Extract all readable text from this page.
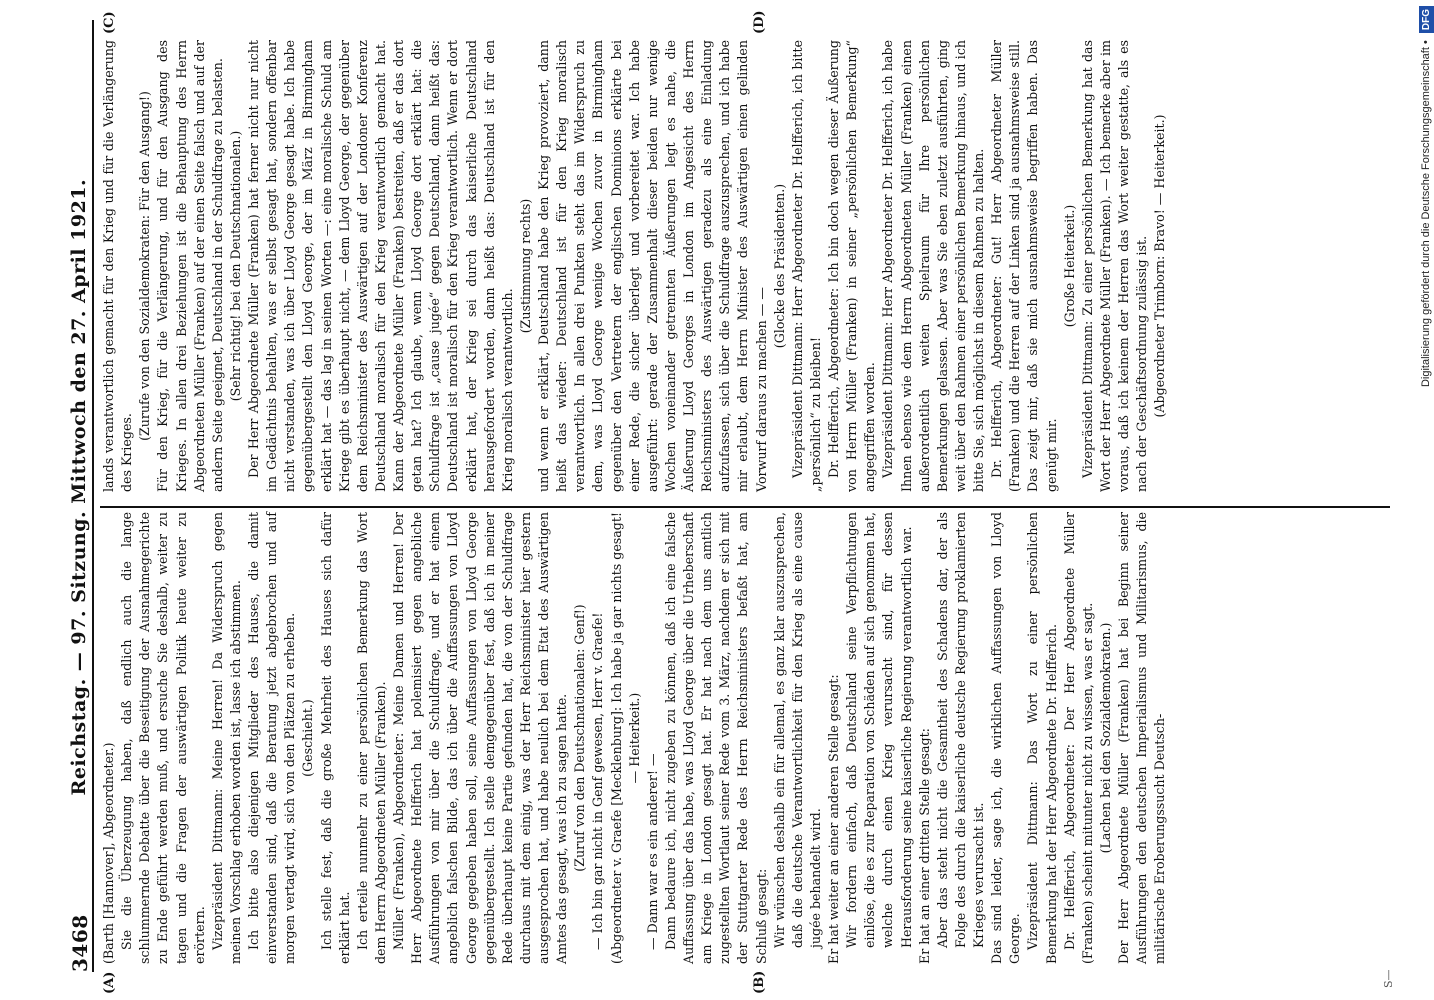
3468
Reichstag. — 97. Sitzung. Mittwoch den 27. April 1921.
(A)	(B)
(C)	(D)

(Barth [Hannover], Abgeordneter.) Sie die Überzeugung haben, daß endlich auch die lange schlummernde Debatte über die Beseitigung der Ausnahmegerichte zu Ende geführt werden muß, und ersuche Sie deshalb, weiter zu tagen und die Fragen der auswärtigen Politik heute weiter zu erörtern. Vizepräsident Dittmann: Meine Herren! Da Widerspruch gegen meinen Vorschlag erhoben worden ist, lasse ich abstimmen. Ich bitte also diejenigen Mitglieder des Hauses, die damit einverstanden sind, daß die Beratung jetzt abgebrochen und auf morgen vertagt wird, sich von den Plätzen zu erheben. (Geschieht.) Ich stelle fest, daß die große Mehrheit des Hauses sich dafür erklärt hat. Ich erteile nunmehr zu einer persönlichen Bemerkung das Wort dem Herrn Abgeordneten Müller (Franken). Müller (Franken), Abgeordneter: Meine Damen und Herren! Der Herr Abgeordnete Helfferich hat polemisiert gegen angebliche Ausführungen von mir über die Schuldfrage, und er hat einem angeblich falschen Bilde, das ich über die Auffassungen von Lloyd George gegeben haben soll, seine Auffassungen von Lloyd George gegenübergestellt. Ich stelle demgegenüber fest, daß ich in meiner Rede überhaupt keine Partie gefunden hat, die von der Schuldfrage durchaus mit dem einig, was der Herr Reichsminister hier gestern ausgesprochen hat, und habe neulich bei dem Etat des Auswärtigen Amtes das gesagt, was ich zu sagen hatte. (Zuruf von den Deutschnationalen: Genf!) — Ich bin gar nicht in Genf gewesen, Herr v. Graefe! (Abgeordneter v. Graefe [Mecklenburg]: Ich habe ja gar nichts gesagt! — Heiterkeit.)

— Dann war es ein anderer! — Dann bedaure ich, nicht zugeben zu können, daß ich eine falsche Auffassung über das habe, was Lloyd George über die Urheberschaft am Kriege in London gesagt hat. Er hat nach dem uns amtlich zugestellten Wortlaut seiner Rede vom 3. März, nachdem er sich mit der Stuttgarter Rede des Herrn Reichsministers befaßt hat, am Schluß gesagt: Wir wünschen deshalb ein für allemal, es ganz klar auszusprechen, daß die deutsche Verantwortlichkeit für den Krieg als eine cause jugée behandelt wird. Er hat weiter an einer anderen Stelle gesagt: Wir fordern einfach, daß Deutschland seine Verpflichtungen einlöse, die es zur Reparation von Schäden auf sich genommen hat, welche durch einen Krieg verursacht sind, für dessen Herausforderung seine kaiserliche Regierung verantwortlich war. Er hat an einer dritten Stelle gesagt: Aber das steht nicht die Gesamtheit des Schadens dar, der als Folge des durch die kaiserliche deutsche Regierung proklamierten Krieges verursacht ist. Das sind leider, sage ich, die wirklichen Auffassungen von Lloyd George. Vizepräsident Dittmann: Das Wort zu einer persönlichen Bemerkung hat der Herr Abgeordnete Dr. Helfferich. Dr. Helfferich, Abgeordneter: Der Herr Abgeordnete Müller (Franken) scheint mitunter nicht zu wissen, was er sagt. (Lachen bei den Sozialdemokraten.) Der Herr Abgeordnete Müller (Franken) hat bei Beginn seiner Ausführungen den deutschen Imperialismus und Militarismus, die militärische Eroberungssucht Deutsch-

lands verantwortlich gemacht für den Krieg und für die Verlängerung des Krieges.

(Zurufe von den Sozialdemokraten: Für den Ausgang!) Für den Krieg, für die Verlängerung, und für den Ausgang des Krieges. In allen drei Beziehungen ist die Behauptung des Herrn Abgeordneten Müller (Franken) auf der einen Seite falsch und auf der andern Seite geeignet, Deutschland in der Schuldfrage zu belasten. (Sehr richtig! bei den Deutschnationalen.) Der Herr Abgeordnete Müller (Franken) hat ferner nicht nur nicht im Gedächtnis behalten, was er selbst gesagt hat, sondern offenbar nicht verstanden, was ich über Lloyd George gesagt habe. Ich habe gegenübergestellt den Lloyd George, der im März in Birmingham erklärt hat — das lag in seinen Worten —: eine moralische Schuld am Kriege gibt es überhaupt nicht, — dem Lloyd George, der gegenüber dem Reichsminister des Auswärtigen auf der Londoner Konferenz Deutschland moralisch für den Krieg verantwortlich gemacht hat. Kann der Abgeordnete Müller (Franken) bestreiten, daß er das dort getan hat? Ich glaube, wenn Lloyd George dort erklärt hat: die Schuldfrage ist „cause jugée“ gegen Deutschland, dann heißt das: Deutschland ist moralisch für den Krieg verantwortlich. Wenn er dort erklärt hat, der Krieg sei durch das kaiserliche Deutschland herausgefordert worden, dann heißt das: Deutschland ist für den Krieg moralisch verantwortlich.

(Zustimmung rechts) und wenn er erklärt, Deutschland habe den Krieg provoziert, dann heißt das wieder: Deutschland ist für den Krieg moralisch verantwortlich. In allen drei Punkten steht das im Widerspruch zu dem, was Lloyd George wenige Wochen zuvor in Birmingham gegenüber den Vertretern der englischen Dominions erklärte bei einer Rede, die sicher überlegt und vorbereitet war. Ich habe ausgeführt: gerade der Zusammenhalt dieser beiden nur wenige Wochen voneinander getrennten Äußerungen legt es nahe, die Äußerung Lloyd Georges in London im Angesicht des Herrn Reichsministers des Auswärtigen geradezu als eine Einladung aufzufassen, sich über die Schuldfrage auszusprechen, und ich habe mir erlaubt, dem Herrn Minister des Auswärtigen einen gelinden Vorwurf daraus zu machen — —

(Glocke des Präsidenten.) Vizepräsident Dittmann: Herr Abgeordneter Dr. Helfferich, ich bitte „persönlich“ zu bleiben! Dr. Helfferich, Abgeordneter: Ich bin doch wegen dieser Äußerung von Herrn Müller (Franken) in seiner „persönlichen Bemerkung“ angegriffen worden. Vizepräsident Dittmann: Herr Abgeordneter Dr. Helfferich, ich habe Ihnen ebenso wie dem Herrn Abgeordneten Müller (Franken) einen außerordentlich weiten Spielraum für Ihre persönlichen Bemerkungen gelassen. Aber was Sie eben zuletzt ausführten, ging weit über den Rahmen einer persönlichen Bemerkung hinaus, und ich bitte Sie, sich möglichst in diesem Rahmen zu halten. Dr. Helfferich, Abgeordneter: Gut! Herr Abgeordneter Müller (Franken) und die Herren auf der Linken sind ja ausnahmsweise still. Das zeigt mir, daß sie mich ausnahmsweise begriffen haben. Das genügt mir.

(Große Heiterkeit.) Vizepräsident Dittmann: Zu einer persönlichen Bemerkung hat das Wort der Herr Abgeordnete Müller (Franken). — Ich bemerke aber im voraus, daß ich keinem der Herren das Wort weiter gestatte, als es nach der Geschäftsordnung zulässig ist. (Abgeordneter Trimborn: Bravo! — Heiterkeit.)

S—
Digitalisierung gefördert durch die Deutsche Forschungsgemeinschaft • DFG
